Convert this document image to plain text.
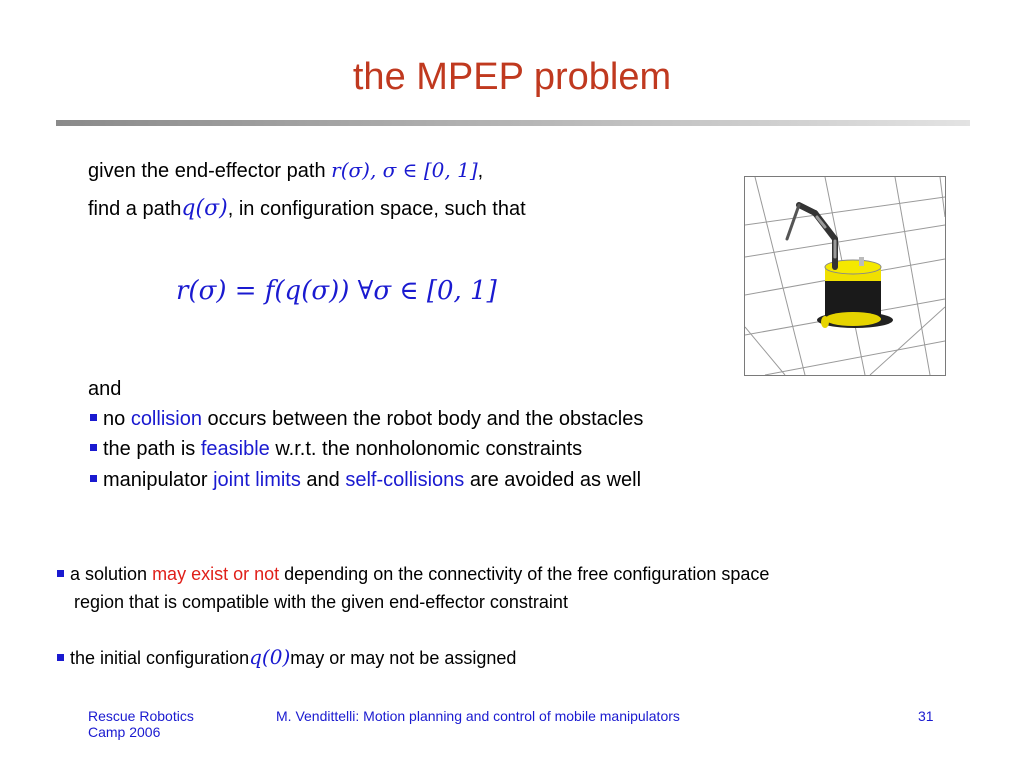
the MPEP problem
given the end-effector path r(σ), σ ∈ [0, 1],
find a pathq(σ), in configuration space, such that
r(σ) = f(q(σ)) ∀σ ∈ [0, 1]
and
no collision occurs between the robot body and the obstacles
the path is feasible w.r.t. the nonholonomic constraints
manipulator joint limits and self-collisions are avoided as well
a solution may exist or not depending on the connectivity of the free configuration space
region that is compatible with the given end-effector constraint
the initial configurationq(0)may or may not be assigned
Rescue Robotics
Camp 2006
M. Vendittelli: Motion planning and control of mobile manipulators	31
